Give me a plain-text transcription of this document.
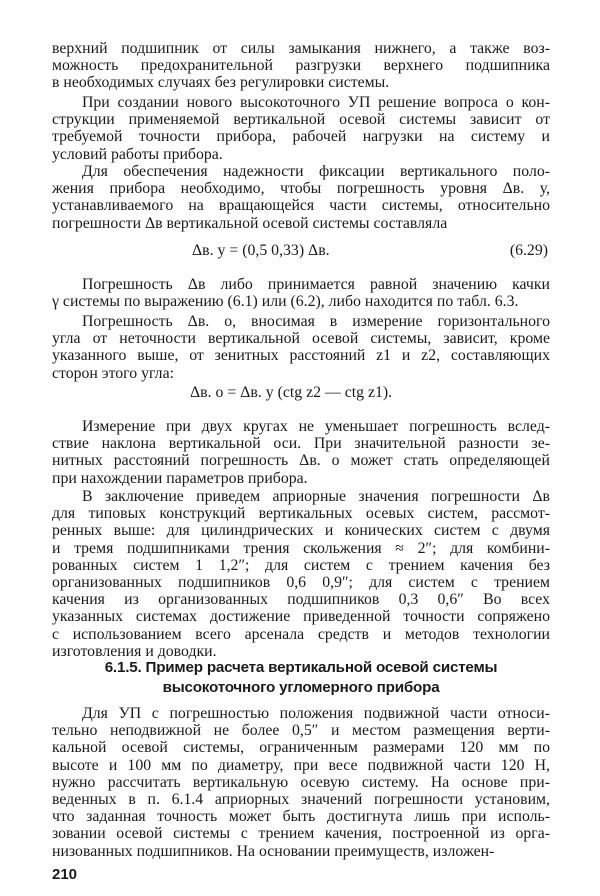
верхний подшипник от силы замыкания нижнего, а также воз-
можность предохранительной разгрузки верхнего подшипника
в необходимых случаях без регулировки системы.

При создании нового высокоточного УП решение вопроса о кон-
струкции применяемой вертикальной осевой системы зависит от
требуемой точности прибора, рабочей нагрузки на систему и
условий работы прибора.

Для обеспечения надежности фиксации вертикального поло-
жения прибора необходимо, чтобы погрешность уровня Δв. у,
устанавливаемого на вращающейся части системы, относительно
погрешности Δв вертикальной осевой системы составляла

Δв. у = (0,5 0,33) Δв.	(6.29)

Погрешность Δв либо принимается равной значению качки
γ системы по выражению (6.1) или (6.2), либо находится по табл. 6.3.

Погрешность Δв. о, вносимая в измерение горизонтального
угла от неточности вертикальной осевой системы, зависит, кроме
указанного выше, от зенитных расстояний z1 и z2, составляющих
сторон этого угла:

Δв. о = Δв. у (ctg z2 — ctg z1).

Измерение при двух кругах не уменьшает погрешность вслед-
ствие наклона вертикальной оси. При значительной разности зе-
нитных расстояний погрешность Δв. о может стать определяющей
при нахождении параметров прибора.

В заключение приведем априорные значения погрешности Δв
для типовых конструкций вертикальных осевых систем, рассмот-
ренных выше: для цилиндрических и конических систем с двумя
и тремя подшипниками трения скольжения ≈ 2″; для комбини-
рованных систем 1 1,2″; для систем с трением качения без
организованных подшипников 0,6 0,9″; для систем с трением
качения из организованных подшипников 0,3 0,6″ Во всех
указанных системах достижение приведенной точности сопряжено
с использованием всего арсенала средств и методов технологии
изготовления и доводки.

6.1.5. Пример расчета вертикальной осевой системы
высокоточного угломерного прибора

210

Для УП с погрешностью положения подвижной части относи-
тельно неподвижной не более 0,5″ и местом размещения верти-
кальной осевой системы, ограниченным размерами 120 мм по
высоте и 100 мм по диаметру, при весе подвижной части 120 Н,
нужно рассчитать вертикальную осевую систему. На основе при-
веденных в п. 6.1.4 априорных значений погрешности установим,
что заданная точность может быть достигнута лишь при исполь-
зовании осевой системы с трением качения, построенной из орга-
низованных подшипников. На основании преимуществ, изложен-
